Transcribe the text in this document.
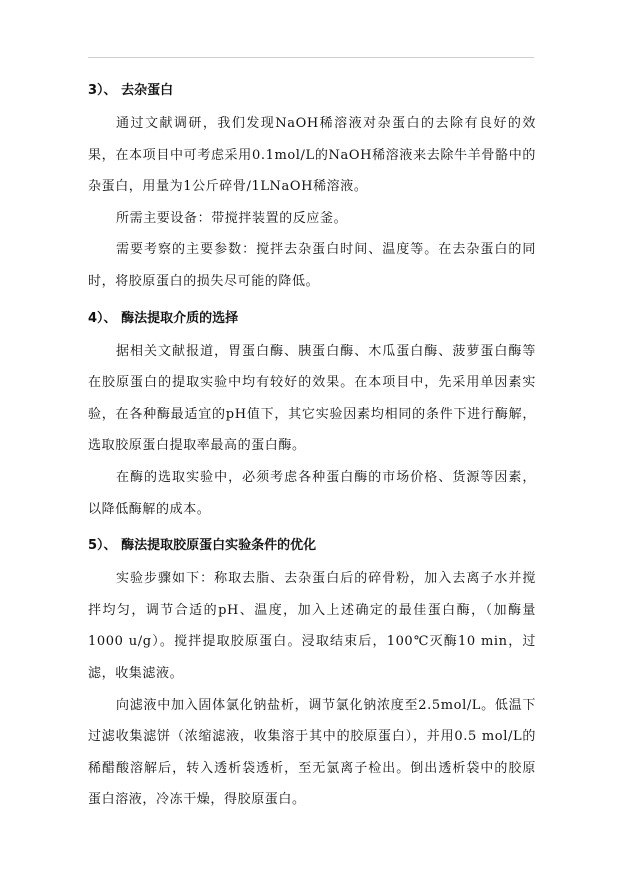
3）、 去杂蛋白

通过文献调研，我们发现NaOH稀溶液对杂蛋白的去除有良好的效果，在本项目中可考虑采用0.1mol/L的NaOH稀溶液来去除牛羊骨骼中的杂蛋白，用量为1公斤碎骨/1LNaOH稀溶液。

所需主要设备：带搅拌装置的反应釜。

需要考察的主要参数：搅拌去杂蛋白时间、温度等。在去杂蛋白的同时，将胶原蛋白的损失尽可能的降低。

4）、 酶法提取介质的选择

据相关文献报道，胃蛋白酶、胰蛋白酶、木瓜蛋白酶、菠萝蛋白酶等在胶原蛋白的提取实验中均有较好的效果。在本项目中，先采用单因素实验，在各种酶最适宜的pH值下，其它实验因素均相同的条件下进行酶解，选取胶原蛋白提取率最高的蛋白酶。

在酶的选取实验中，必须考虑各种蛋白酶的市场价格、货源等因素，以降低酶解的成本。

5）、 酶法提取胶原蛋白实验条件的优化

实验步骤如下：称取去脂、去杂蛋白后的碎骨粉，加入去离子水并搅拌均匀，调节合适的pH、温度，加入上述确定的最佳蛋白酶，（加酶量1000 u/g）。搅拌提取胶原蛋白。浸取结束后，100℃灭酶10 min，过滤，收集滤液。

向滤液中加入固体氯化钠盐析，调节氯化钠浓度至2.5mol/L。低温下过滤收集滤饼（浓缩滤液，收集溶于其中的胶原蛋白），并用0.5 mol/L的稀醋酸溶解后，转入透析袋透析，至无氯离子检出。倒出透析袋中的胶原蛋白溶液，冷冻干燥，得胶原蛋白。
